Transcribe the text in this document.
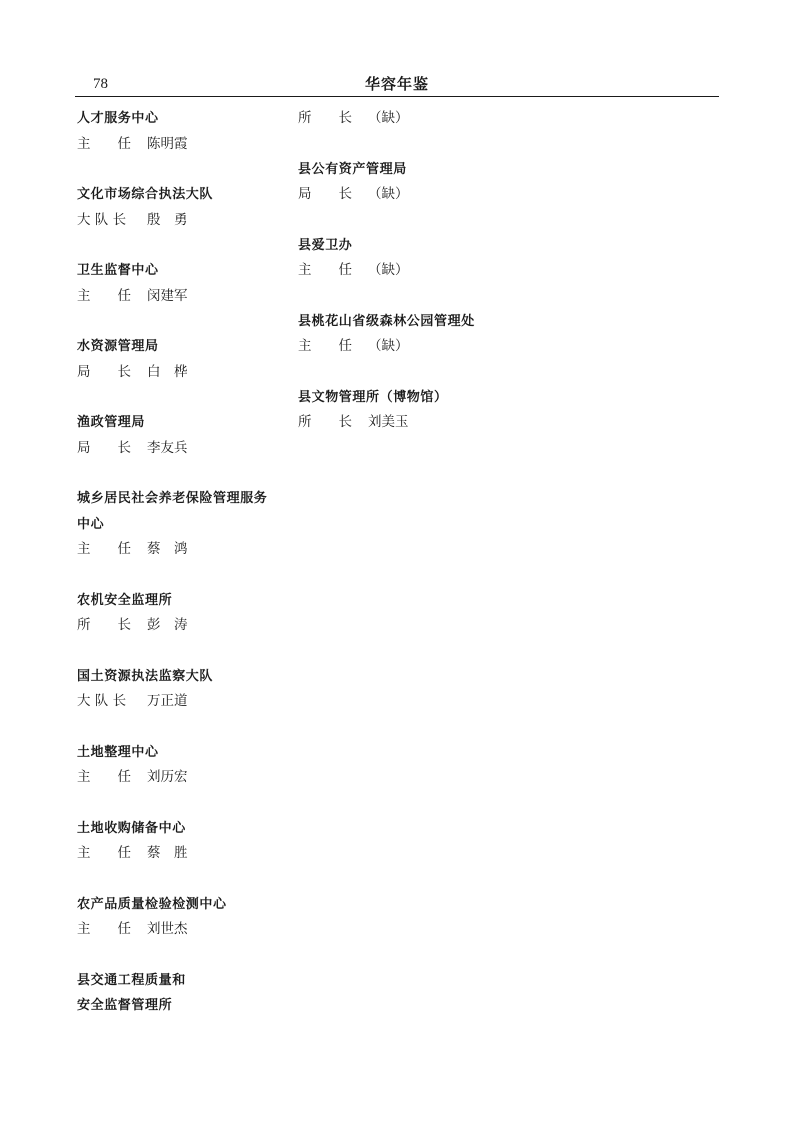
78	华容年鉴
人才服务中心
主　　任 陈明霞
文化市场综合执法大队
大 队 长 殷　勇
卫生监督中心
主　　任 闵建军
水资源管理局
局　　长 白　桦
渔政管理局
局　　长 李友兵
城乡居民社会养老保险管理服务
中心
主　　任 蔡　鸿
农机安全监理所
所　　长 彭　涛
国土资源执法监察大队
大 队 长 万正道
土地整理中心
主　　任 刘历宏
土地收购储备中心
主　　任 蔡　胜
农产品质量检验检测中心
主　　任 刘世杰
县交通工程质量和
安全监督管理所
所　　长 （缺）
县公有资产管理局
局　　长 （缺）
县爱卫办
主　　任 （缺）
县桃花山省级森林公园管理处
主　　任 （缺）
县文物管理所（博物馆）
所　　长 刘美玉
